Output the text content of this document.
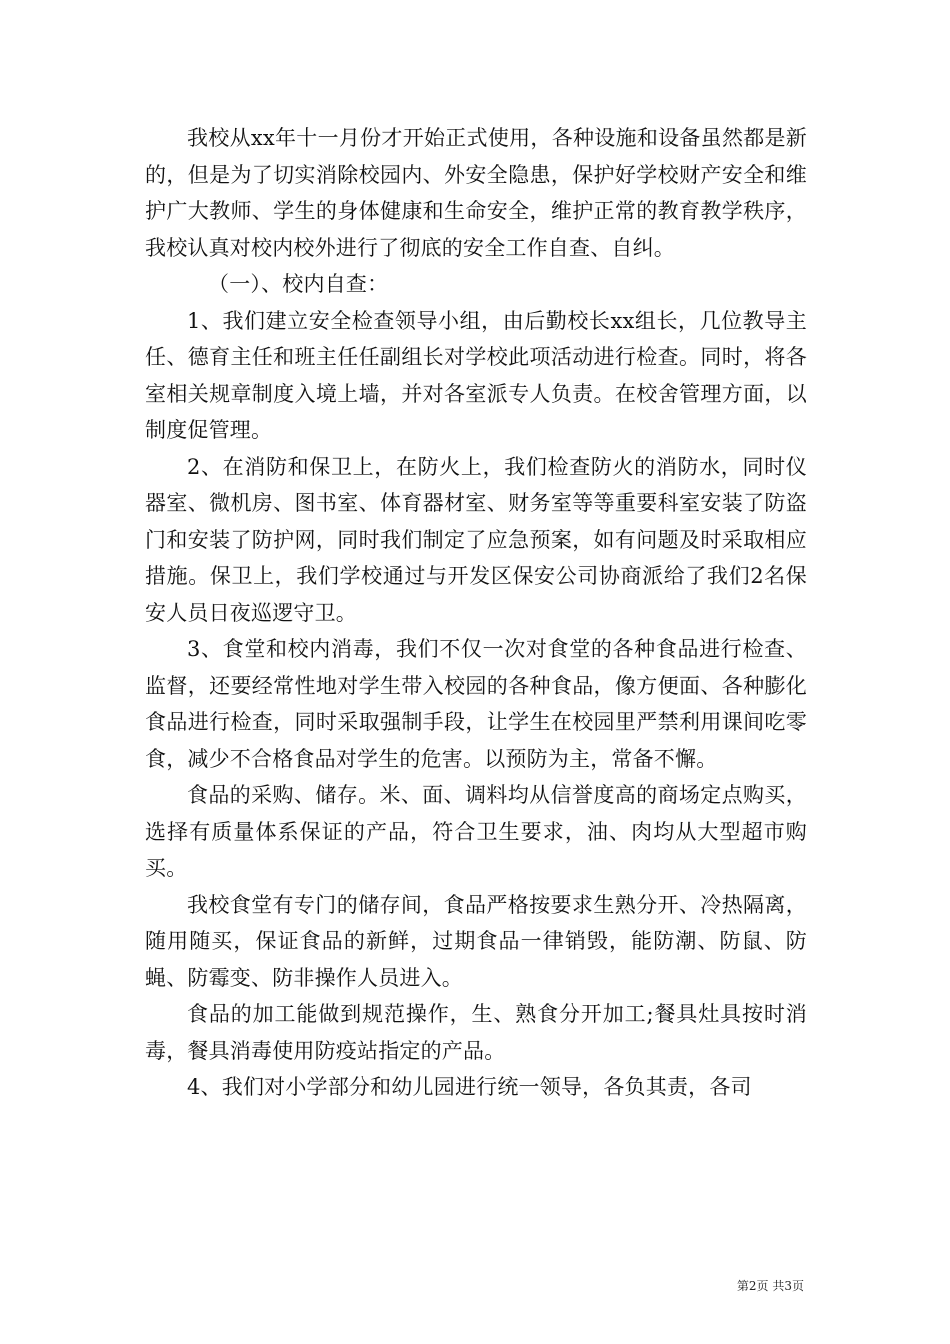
我校从xx年十一月份才开始正式使用，各种设施和设备虽然都是新的，但是为了切实消除校园内、外安全隐患，保护好学校财产安全和维护广大教师、学生的身体健康和生命安全，维护正常的教育教学秩序，我校认真对校内校外进行了彻底的安全工作自查、自纠。

（一）、校内自查：

1、我们建立安全检查领导小组，由后勤校长xx组长，几位教导主任、德育主任和班主任任副组长对学校此项活动进行检查。同时，将各室相关规章制度入境上墙，并对各室派专人负责。在校舍管理方面，以制度促管理。

2、在消防和保卫上，在防火上，我们检查防火的消防水，同时仪器室、微机房、图书室、体育器材室、财务室等等重要科室安装了防盗门和安装了防护网，同时我们制定了应急预案，如有问题及时采取相应措施。保卫上，我们学校通过与开发区保安公司协商派给了我们2名保安人员日夜巡逻守卫。

3、食堂和校内消毒，我们不仅一次对食堂的各种食品进行检查、监督，还要经常性地对学生带入校园的各种食品，像方便面、各种膨化食品进行检查，同时采取强制手段，让学生在校园里严禁利用课间吃零食，减少不合格食品对学生的危害。以预防为主，常备不懈。

食品的采购、储存。米、面、调料均从信誉度高的商场定点购买，选择有质量体系保证的产品，符合卫生要求，油、肉均从大型超市购买。

我校食堂有专门的储存间，食品严格按要求生熟分开、冷热隔离，随用随买，保证食品的新鲜，过期食品一律销毁，能防潮、防鼠、防蝇、防霉变、防非操作人员进入。

食品的加工能做到规范操作，生、熟食分开加工;餐具灶具按时消毒，餐具消毒使用防疫站指定的产品。

4、我们对小学部分和幼儿园进行统一领导，各负其责，各司

第2页 共3页
